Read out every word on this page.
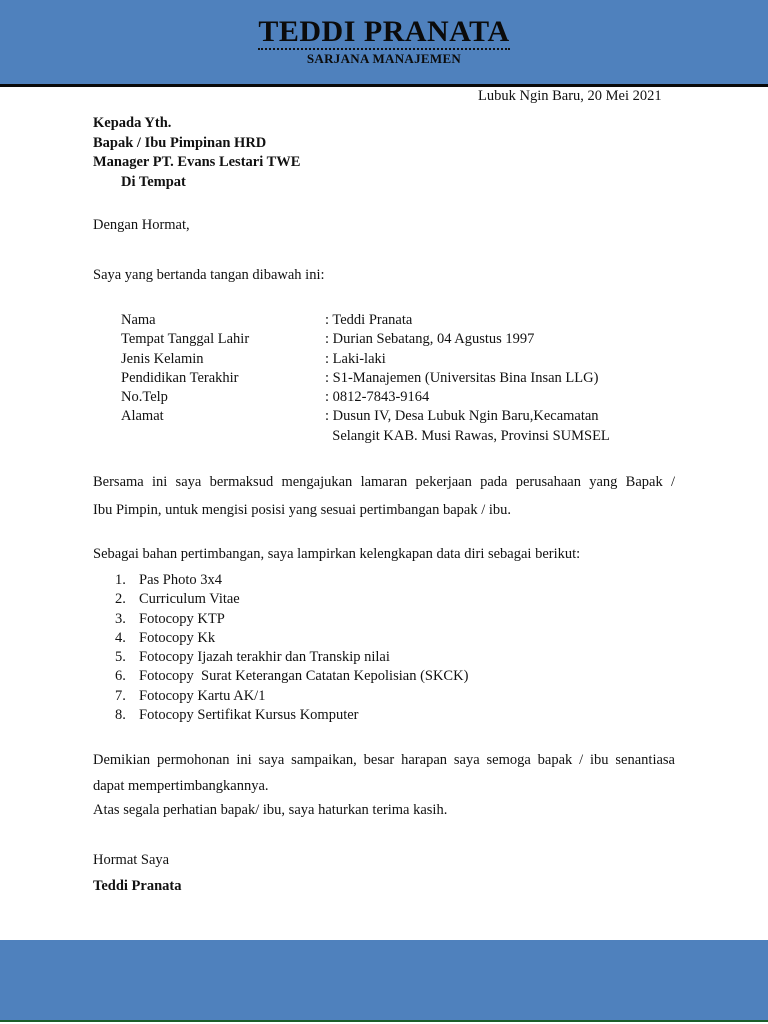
TEDDI PRANATA
SARJANA MANAJEMEN
Lubuk Ngin Baru, 20 Mei 2021
Kepada Yth.
Bapak / Ibu Pimpinan HRD
Manager PT. Evans Lestari TWE
Di Tempat
Dengan Hormat,
Saya yang bertanda tangan dibawah ini:
Nama	: Teddi Pranata
Tempat Tanggal Lahir	: Durian Sebatang, 04 Agustus 1997
Jenis Kelamin	: Laki-laki
Pendidikan Terakhir	: S1-Manajemen (Universitas Bina Insan LLG)
No.Telp	: 0812-7843-9164
Alamat	: Dusun IV, Desa Lubuk Ngin Baru,Kecamatan
Selangit KAB. Musi Rawas, Provinsi SUMSEL
Bersama ini saya bermaksud mengajukan lamaran pekerjaan pada perusahaan yang Bapak /
Ibu Pimpin, untuk mengisi posisi yang sesuai pertimbangan bapak / ibu.
Sebagai bahan pertimbangan, saya lampirkan kelengkapan data diri sebagai berikut:
1. Pas Photo 3x4
2. Curriculum Vitae
3. Fotocopy KTP
4. Fotocopy Kk
5. Fotocopy Ijazah terakhir dan Transkip nilai
6. Fotocopy  Surat Keterangan Catatan Kepolisian (SKCK)
7. Fotocopy Kartu AK/1
8. Fotocopy Sertifikat Kursus Komputer
Demikian permohonan ini saya sampaikan, besar harapan saya semoga bapak / ibu senantiasa
dapat mempertimbangkannya.
Atas segala perhatian bapak/ ibu, saya haturkan terima kasih.
Hormat Saya
Teddi Pranata
